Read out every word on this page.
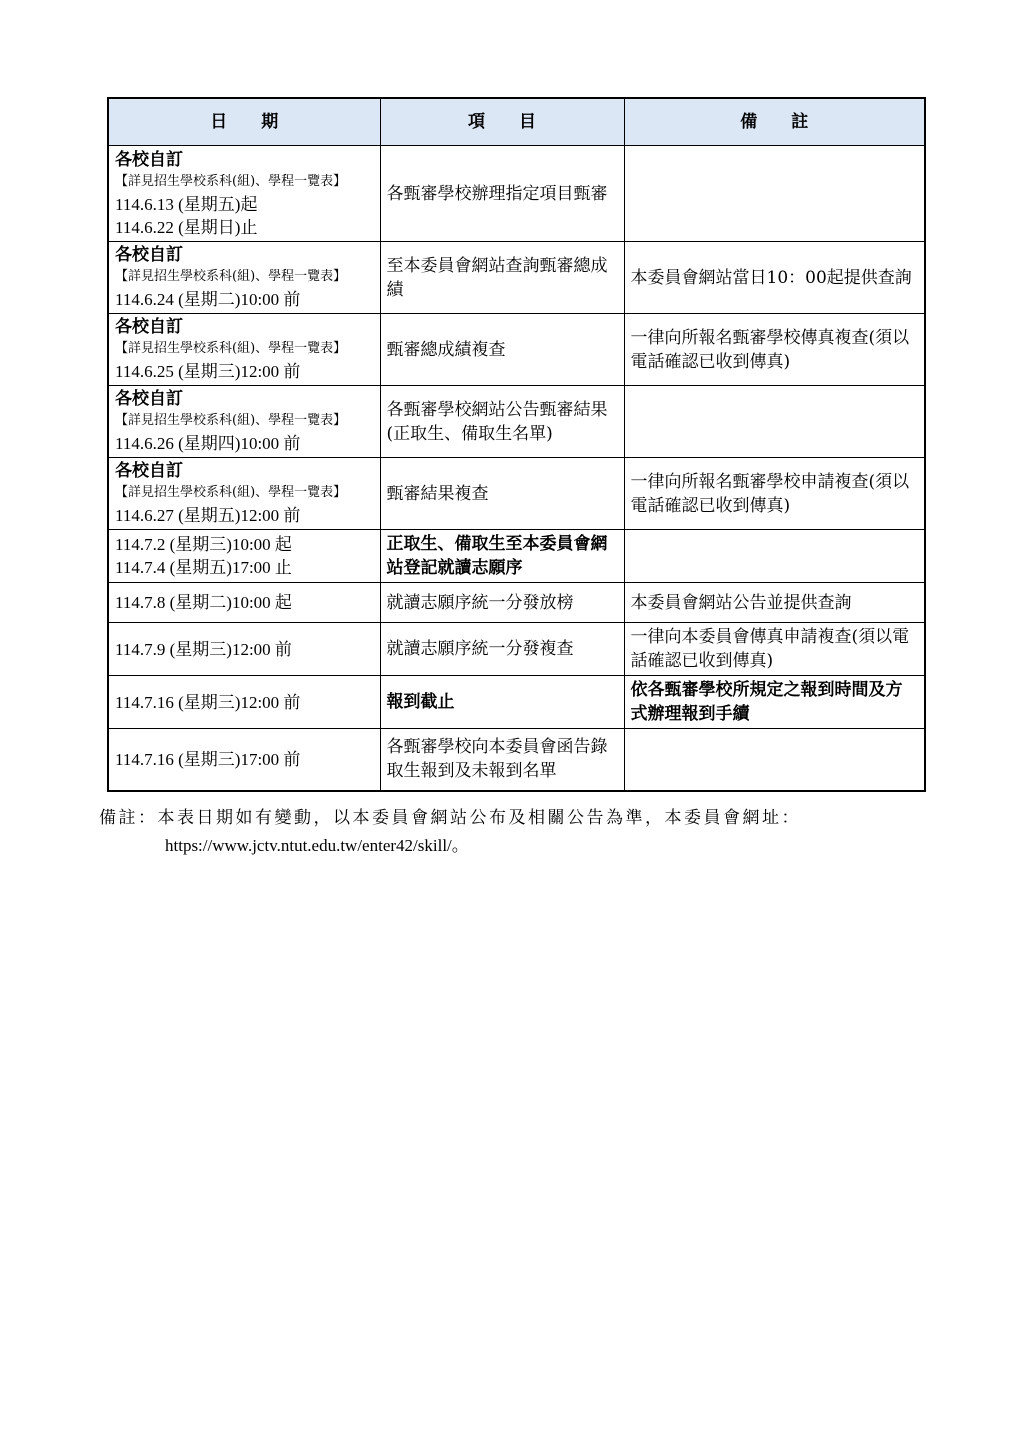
日　　期	項　　目	備　　註

各校自訂
【詳見招生學校系科(組)、學程一覽表】
114.6.13 (星期五)起
114.6.22 (星期日)止	各甄審學校辦理指定項目甄審	

各校自訂
【詳見招生學校系科(組)、學程一覽表】
114.6.24 (星期二)10:00 前	至本委員會網站查詢甄審總成績	本委員會網站當日10：00起提供查詢

各校自訂
【詳見招生學校系科(組)、學程一覽表】
114.6.25 (星期三)12:00 前	甄審總成績複查	一律向所報名甄審學校傳真複查(須以電話確認已收到傳真)

各校自訂
【詳見招生學校系科(組)、學程一覽表】
114.6.26 (星期四)10:00 前	各甄審學校網站公告甄審結果(正取生、備取生名單)	

各校自訂
【詳見招生學校系科(組)、學程一覽表】
114.6.27 (星期五)12:00 前	甄審結果複查	一律向所報名甄審學校申請複查(須以電話確認已收到傳真)

114.7.2 (星期三)10:00 起
114.7.4 (星期五)17:00 止	正取生、備取生至本委員會網站登記就讀志願序	

114.7.8 (星期二)10:00 起	就讀志願序統一分發放榜	本委員會網站公告並提供查詢

114.7.9 (星期三)12:00 前	就讀志願序統一分發複查	一律向本委員會傳真申請複查(須以電話確認已收到傳真)

114.7.16 (星期三)12:00 前	報到截止	依各甄審學校所規定之報到時間及方式辦理報到手續

114.7.16 (星期三)17:00 前	各甄審學校向本委員會函告錄取生報到及未報到名單	
備註：本表日期如有變動，以本委員會網站公布及相關公告為準，本委員會網址：
https://www.jctv.ntut.edu.tw/enter42/skill/。
